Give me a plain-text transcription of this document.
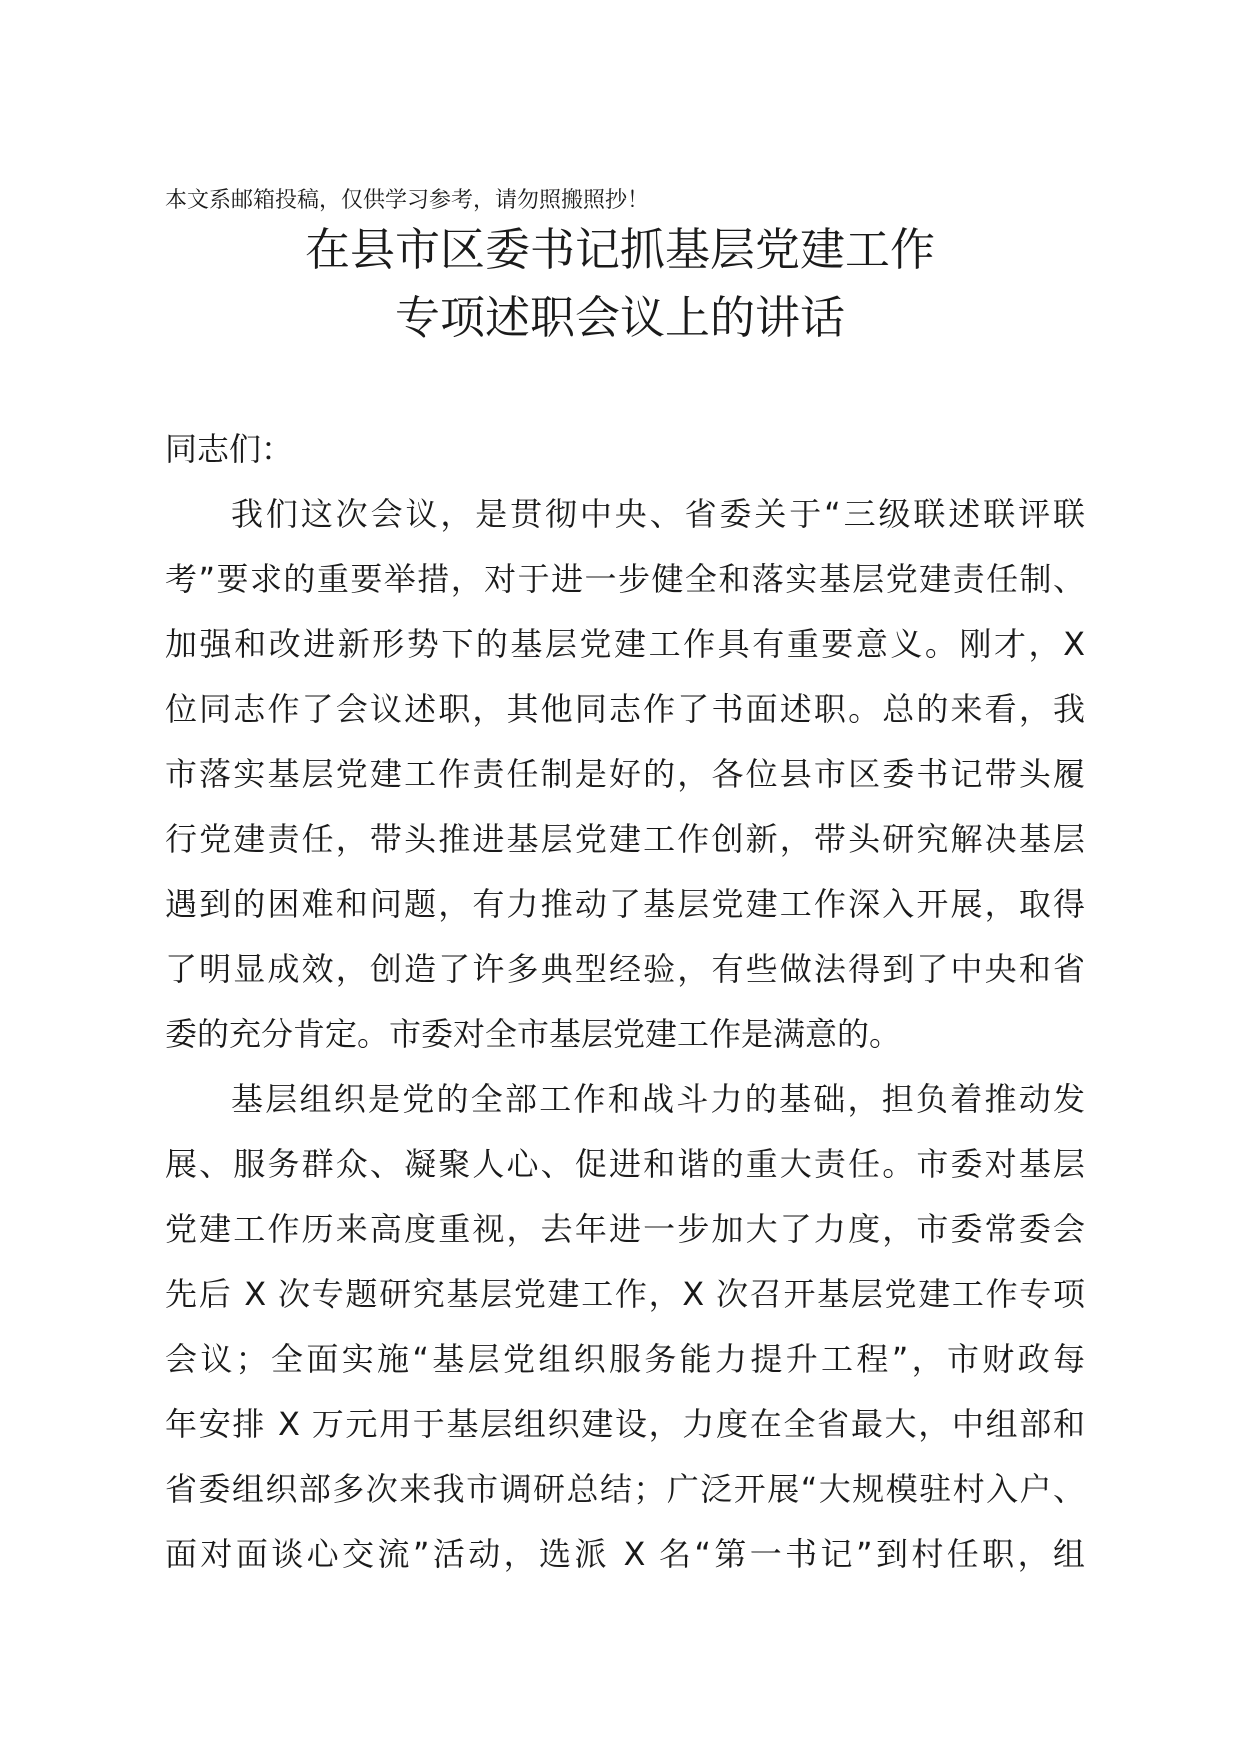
本文系邮箱投稿，仅供学习参考，请勿照搬照抄！
在县市区委书记抓基层党建工作
专项述职会议上的讲话
同志们：
我们这次会议，是贯彻中央、省委关于“三级联述联评联
考”要求的重要举措，对于进一步健全和落实基层党建责任制、
加强和改进新形势下的基层党建工作具有重要意义。刚才，X
位同志作了会议述职，其他同志作了书面述职。总的来看，我
市落实基层党建工作责任制是好的，各位县市区委书记带头履
行党建责任，带头推进基层党建工作创新，带头研究解决基层
遇到的困难和问题，有力推动了基层党建工作深入开展，取得
了明显成效，创造了许多典型经验，有些做法得到了中央和省
委的充分肯定。市委对全市基层党建工作是满意的。
基层组织是党的全部工作和战斗力的基础，担负着推动发
展、服务群众、凝聚人心、促进和谐的重大责任。市委对基层
党建工作历来高度重视，去年进一步加大了力度，市委常委会
先后 X 次专题研究基层党建工作，X 次召开基层党建工作专项
会议；全面实施“基层党组织服务能力提升工程”，市财政每
年安排 X 万元用于基层组织建设，力度在全省最大，中组部和
省委组织部多次来我市调研总结；广泛开展“大规模驻村入户、
面对面谈心交流”活动，选派 X 名“第一书记”到村任职，组
